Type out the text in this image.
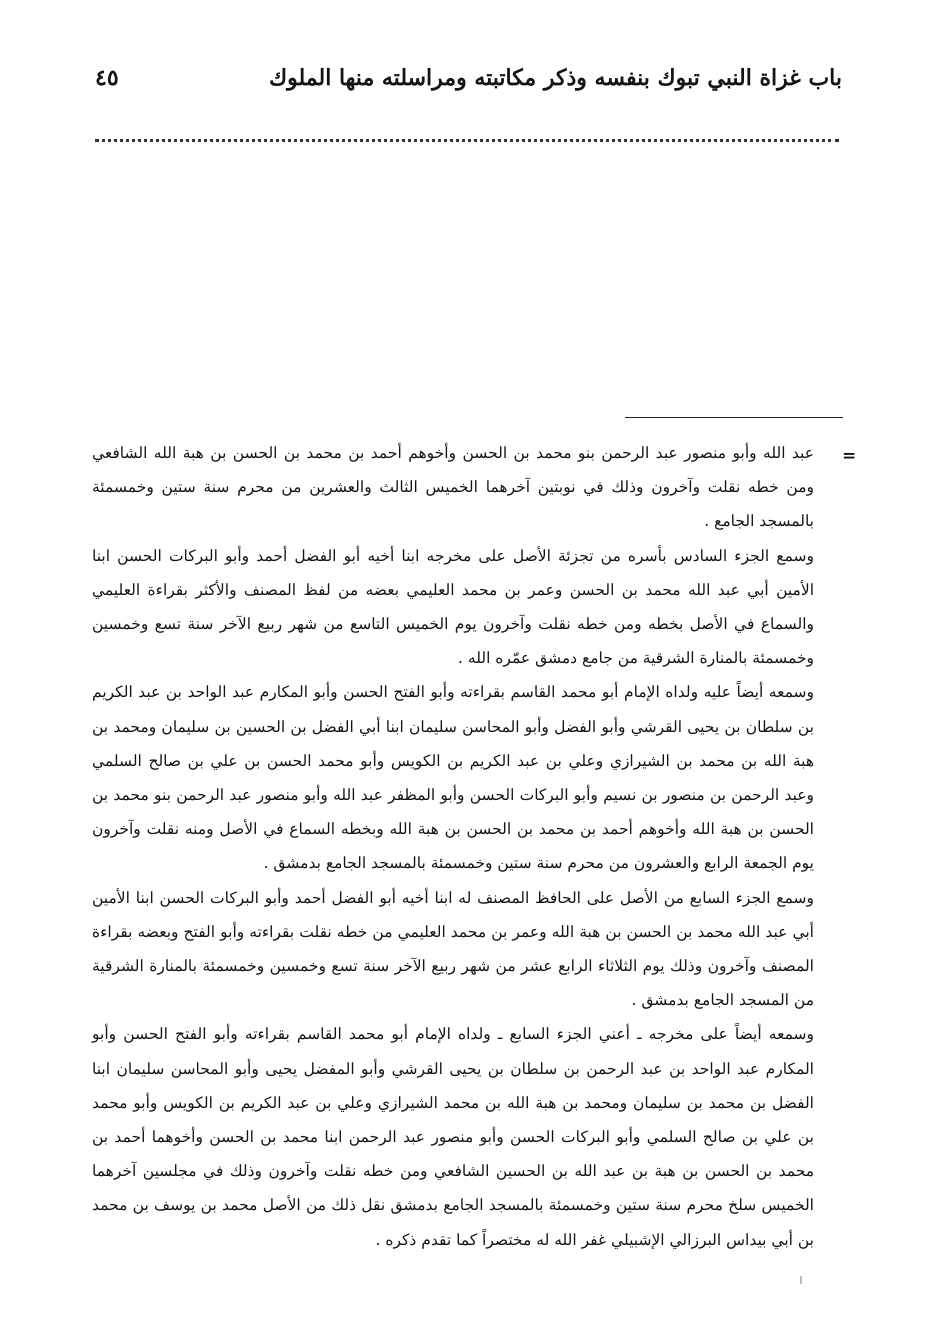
باب غزاة النبي تبوك بنفسه وذكر مكاتبته ومراسلته منها الملوك
٤٥
=

عبد الله وأبو منصور عبد الرحمن بنو محمد بن الحسن وأخوهم أحمد بن محمد بن الحسن بن هبة الله الشافعي ومن خطه نقلت وآخرون وذلك في نوبتين آخرهما الخميس الثالث والعشرين من محرم سنة ستين وخمسمئة بالمسجد الجامع .

وسمع الجزء السادس بأسره من تجزئة الأصل على مخرجه ابنا أخيه أبو الفضل أحمد وأبو البركات الحسن ابنا الأمين أبي عبد الله محمد بن الحسن وعمر بن محمد العليمي بعضه من لفظ المصنف والأكثر بقراءة العليمي والسماع في الأصل بخطه ومن خطه نقلت وآخرون يوم الخميس التاسع من شهر ربيع الآخر سنة تسع وخمسين وخمسمئة بالمنارة الشرقية من جامع دمشق عمّره الله .

وسمعه أيضاً عليه ولداه الإمام أبو محمد القاسم بقراءته وأبو الفتح الحسن وأبو المكارم عبد الواحد بن عبد الكريم بن سلطان بن يحيى القرشي وأبو الفضل وأبو المحاسن سليمان ابنا أبي الفضل بن الحسين بن سليمان ومحمد بن هبة الله بن محمد بن الشيرازي وعلي بن عبد الكريم بن الكويس وأبو محمد الحسن بن علي بن صالح السلمي وعبد الرحمن بن منصور بن نسيم وأبو البركات الحسن وأبو المظفر عبد الله وأبو منصور عبد الرحمن بنو محمد بن الحسن بن هبة الله وأخوهم أحمد بن محمد بن الحسن بن هبة الله وبخطه السماع في الأصل ومنه نقلت وآخرون يوم الجمعة الرابع والعشرون من محرم سنة ستين وخمسمئة بالمسجد الجامع بدمشق .

وسمع الجزء السابع من الأصل على الحافظ المصنف له ابنا أخيه أبو الفضل أحمد وأبو البركات الحسن ابنا الأمين أبي عبد الله محمد بن الحسن بن هبة الله وعمر بن محمد العليمي من خطه نقلت بقراءته وأبو الفتح وبعضه بقراءة المصنف وآخرون وذلك يوم الثلاثاء الرابع عشر من شهر ربيع الآخر سنة تسع وخمسين وخمسمئة بالمنارة الشرقية من المسجد الجامع بدمشق .

وسمعه أيضاً على مخرجه ـ أعني الجزء السابع ـ ولداه الإمام أبو محمد القاسم بقراءته وأبو الفتح الحسن وأبو المكارم عبد الواحد بن عبد الرحمن بن سلطان بن يحيى القرشي وأبو المفضل يحيى وأبو المحاسن سليمان ابنا الفضل بن محمد بن سليمان ومحمد بن هبة الله بن محمد الشيرازي وعلي بن عبد الكريم بن الكويس وأبو محمد بن علي بن صالح السلمي وأبو البركات الحسن وأبو منصور عبد الرحمن ابنا محمد بن الحسن وأخوهما أحمد بن محمد بن الحسن بن هبة بن عبد الله بن الحسين الشافعي ومن خطه نقلت وآخرون وذلك في مجلسين آخرهما الخميس سلخ محرم سنة ستين وخمسمئة بالمسجد الجامع بدمشق نقل ذلك من الأصل محمد بن يوسف بن محمد بن أبي بيداس البرزالي الإشبيلي غفر الله له مختصراً كما تقدم ذكره .
